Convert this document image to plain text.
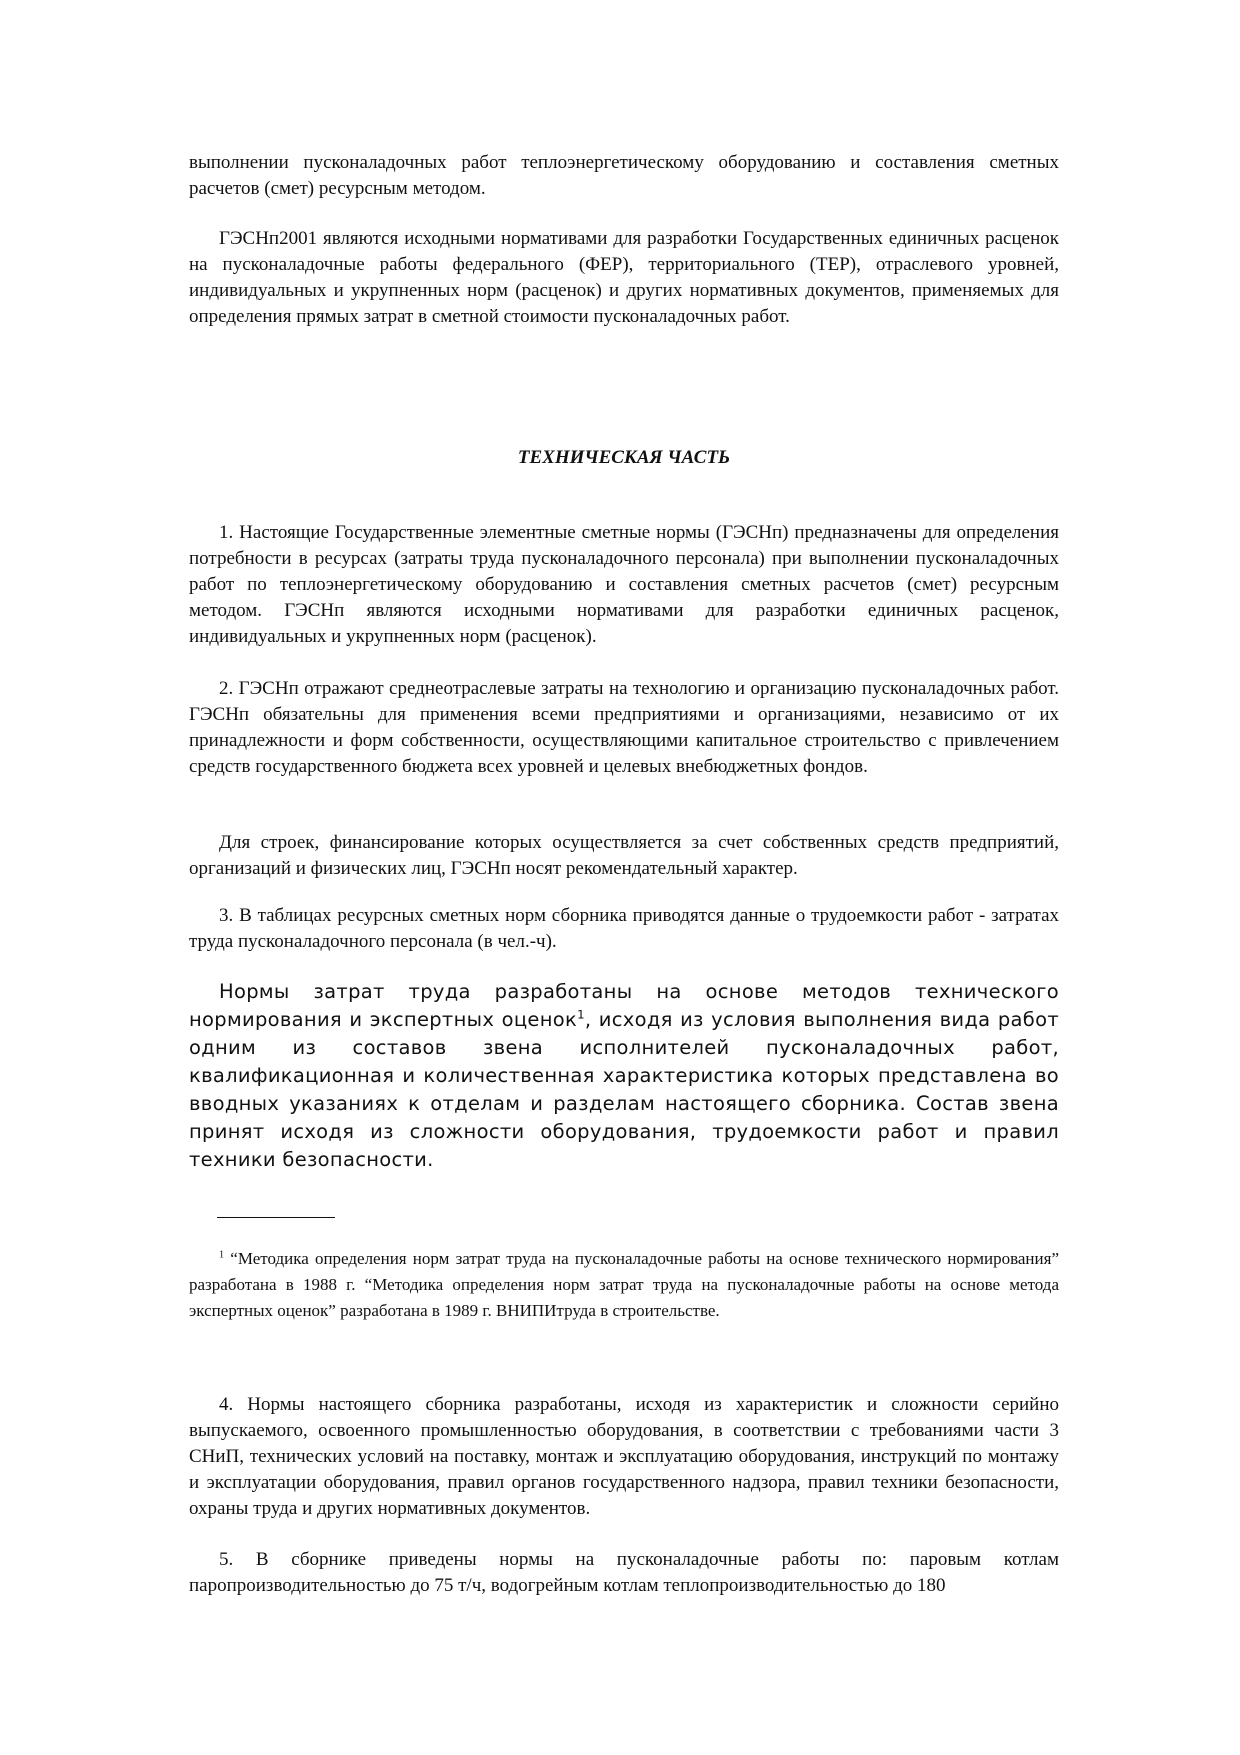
выполнении пусконаладочных работ теплоэнергетическому оборудованию и составления сметных расчетов (смет) ресурсным методом.

ГЭСНп2001 являются исходными нормативами для разработки Государственных единичных расценок на пусконаладочные работы федерального (ФЕР), территориального (ТЕР), отраслевого уровней, индивидуальных и укрупненных норм (расценок) и других нормативных документов, применяемых для определения прямых затрат в сметной стоимости пусконаладочных работ.

ТЕХНИЧЕСКАЯ ЧАСТЬ

1. Настоящие Государственные элементные сметные нормы (ГЭСНп) предназначены для определения потребности в ресурсах (затраты труда пусконаладочного персонала) при выполнении пусконаладочных работ по теплоэнергетическому оборудованию и составления сметных расчетов (смет) ресурсным методом. ГЭСНп являются исходными нормативами для разработки единичных расценок, индивидуальных и укрупненных норм (расценок).

2. ГЭСНп отражают среднеотраслевые затраты на технологию и организацию пусконаладочных работ. ГЭСНп обязательны для применения всеми предприятиями и организациями, независимо от их принадлежности и форм собственности, осуществляющими капитальное строительство с привлечением средств государственного бюджета всех уровней и целевых внебюджетных фондов.

Для строек, финансирование которых осуществляется за счет собственных средств предприятий, организаций и физических лиц, ГЭСНп носят рекомендательный характер.

3. В таблицах ресурсных сметных норм сборника приводятся данные о трудоемкости работ - затратах труда пусконаладочного персонала (в чел.-ч).

Нормы затрат труда разработаны на основе методов технического нормирования и экспертных оценок$^1$, исходя из условия выполнения вида работ одним из составов звена исполнителей пусконаладочных работ, квалификационная и количественная характеристика которых представлена во вводных указаниях к отделам и разделам настоящего сборника. Состав звена принят исходя из сложности оборудования, трудоемкости работ и правил техники безопасности.

$^1$ “Методика определения норм затрат труда на пусконаладочные работы на основе технического нормирования” разработана в 1988 г. “Методика определения норм затрат труда на пусконаладочные работы на основе метода экспертных оценок” разработана в 1989 г. ВНИПИтруда в строительстве.

4. Нормы настоящего сборника разработаны, исходя из характеристик и сложности серийно выпускаемого, освоенного промышленностью оборудования, в соответствии с требованиями части 3 СНиП, технических условий на поставку, монтаж и эксплуатацию оборудования, инструкций по монтажу и эксплуатации оборудования, правил органов государственного надзора, правил техники безопасности, охраны труда и других нормативных документов.

5. В сборнике приведены нормы на пусконаладочные работы по: паровым котлам паропроизводительностью до 75 т/ч, водогрейным котлам теплопроизводительностью до 180
